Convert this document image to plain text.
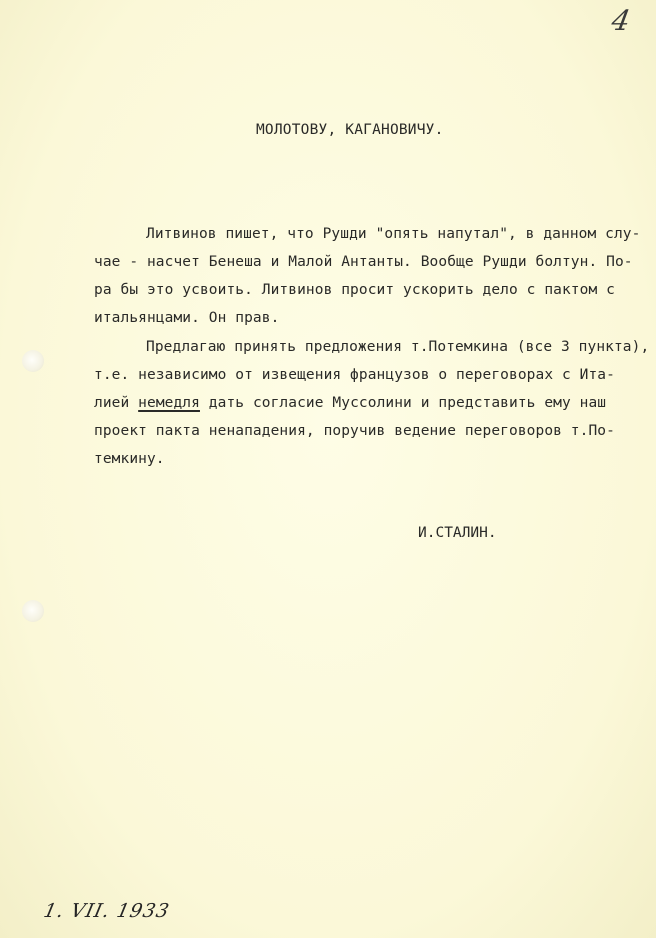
4
МОЛОТОВУ, КАГАНОВИЧУ.
Литвинов пишет, что Рушди "опять напутал", в данном слу-
чае - насчет Бенеша и Малой Антанты. Вообще Рушди болтун. По-
ра бы это усвоить. Литвинов просит ускорить дело с пактом с
итальянцами. Он прав.
Предлагаю принять предложения т.Потемкина (все 3 пункта),
т.е. независимо от извещения французов о переговорах с Ита-
лией немедля дать согласие Муссолини и представить ему наш
проект пакта ненападения, поручив ведение переговоров т.По-
темкину.
И.СТАЛИН.
1. VII. 1933
